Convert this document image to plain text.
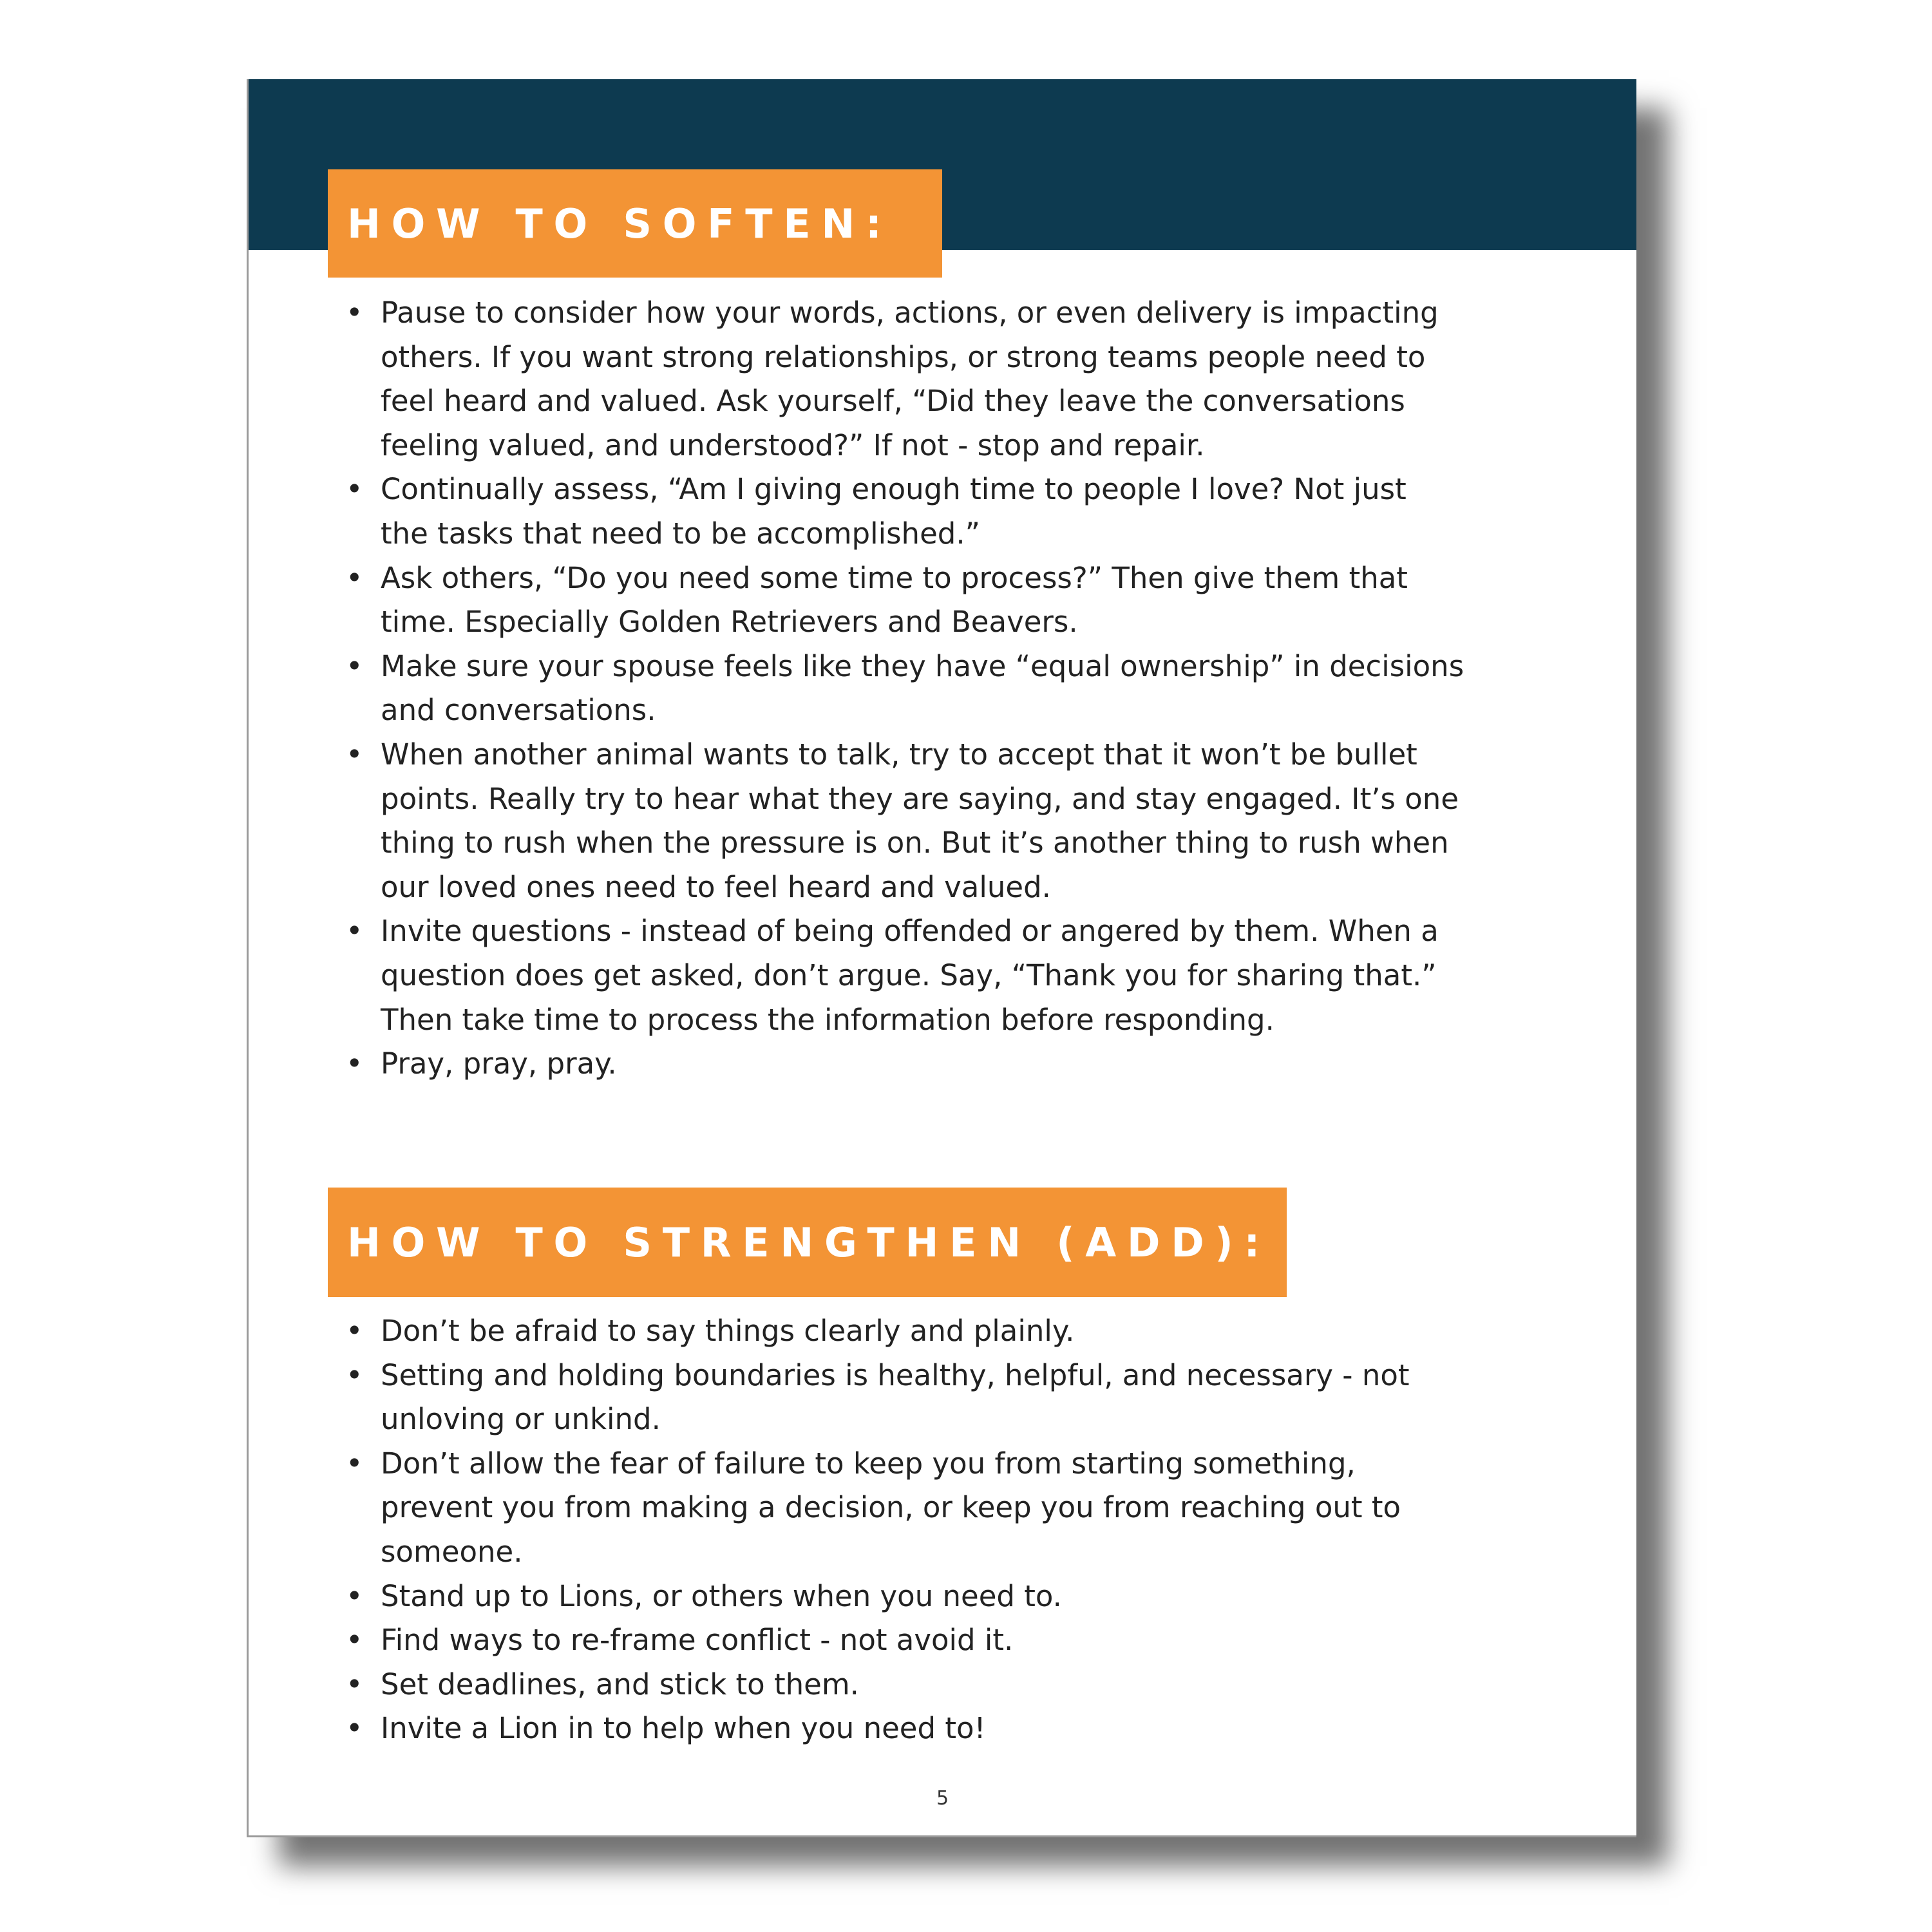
HOW TO SOFTEN:
• Pause to consider how your words, actions, or even delivery is impacting
others. If you want strong relationships, or strong teams people need to
feel heard and valued. Ask yourself, “Did they leave the conversations
feeling valued, and understood?” If not - stop and repair.
• Continually assess, “Am I giving enough time to people I love? Not just
the tasks that need to be accomplished.”
• Ask others, “Do you need some time to process?” Then give them that
time. Especially Golden Retrievers and Beavers.
• Make sure your spouse feels like they have “equal ownership” in decisions
and conversations.
• When another animal wants to talk, try to accept that it won’t be bullet
points. Really try to hear what they are saying, and stay engaged. It’s one
thing to rush when the pressure is on. But it’s another thing to rush when
our loved ones need to feel heard and valued.
• Invite questions - instead of being offended or angered by them. When a
question does get asked, don’t argue. Say, “Thank you for sharing that.”
Then take time to process the information before responding.
• Pray, pray, pray.
HOW TO STRENGTHEN (ADD):
• Don’t be afraid to say things clearly and plainly.
• Setting and holding boundaries is healthy, helpful, and necessary - not
unloving or unkind.
• Don’t allow the fear of failure to keep you from starting something,
prevent you from making a decision, or keep you from reaching out to
someone.
• Stand up to Lions, or others when you need to.
• Find ways to re-frame conflict - not avoid it.
• Set deadlines, and stick to them.
• Invite a Lion in to help when you need to!
5
